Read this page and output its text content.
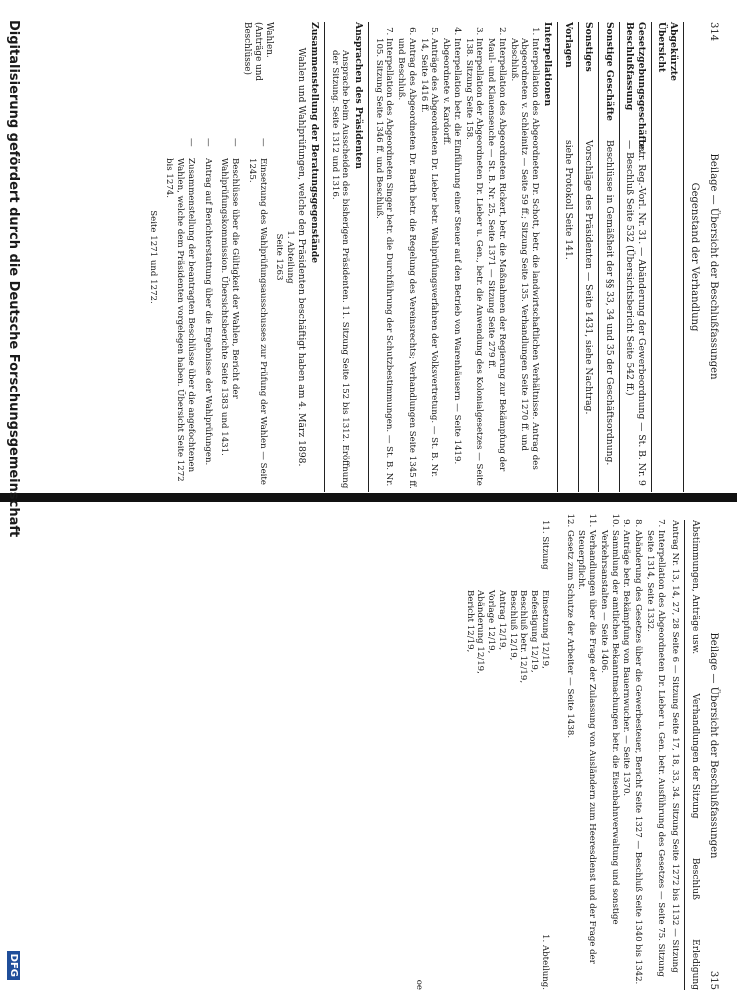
314
Beilage — Übersicht der Beschlußfassungen
Gegenstand der Verhandlung
Abgekürzte Übersicht
Gesetzgebungsgeschäfte. Beschlußfassung
betr. Reg.-Vorl. Nr. 31. — Abänderung der Gewerbeordnung — St. B. Nr. 9 — Beschluß Seite 532 (Übersichtsbericht Seite 542 ff.)
Sonstige Geschäfte
Beschlüsse in Gemäßheit der §§ 33, 34 und 35 der Geschäftsordnung.
Sonstiges
Vorschläge des Präsidenten — Seite 1431, siehe Nachtrag.
Vorlagen
siehe Protokoll Seite 141.
Interpellationen
1. Interpellation des Abgeordneten Dr. Schott, betr. die landwirtschaftlichen Verhältnisse. Antrag des Abgeordneten v. Schleinitz — Seite 59 ff.; Sitzung Seite 135. Verhandlungen Seite 1270 ff. und Abschluß.
2. Interpellation des Abgeordneten Rickert, betr. die Maßnahmen der Regierung zur Bekämpfung der Maul- und Klauenseuche — St. B. Nr. 25, Seite 1371 — Sitzung Seite 279 ff.
3. Interpellation der Abgeordneten Dr. Lieber u. Gen., betr. die Anwendung des Kolonialgesetzes — Seite 138. Sitzung Seite 158.
4. Interpellation betr. die Einführung einer Steuer auf den Betrieb von Warenhäusern — Seite 1419. Abgeordnete v. Kardorff.
5. Anträge des Abgeordneten Dr. Lieber betr. Wahlprüfungsverfahren der Volksvertretung. — St. B. Nr. 14, Seite 1416 ff.
6. Antrag des Abgeordneten Dr. Barth betr. die Regelung des Vereinsrechts; Verhandlungen Seite 1345 ff. und Beschluß.
7. Interpellation des Abgeordneten Singer betr. die Durchführung der Schutzbestimmungen. — St. B. Nr. 105. Sitzung Seite 1346 ff. und Beschluß.
Ansprachen des Präsidenten
Ansprache beim Ausscheiden des bisherigen Präsidenten. 11. Sitzung Seite 152 bis 1312. Eröffnung der Sitzung. Seite 1312 und 1316.
Zusammenstellung der Beratungsgegenstände
Wahlen und Wahlprüfungen, welche den Präsidenten beschäftigt haben am 4. März 1898.
1. Abteilung
Seite 1263
Wahlen. (Anträge und Beschlüsse)
— Einsetzung des Wahlprüfungsausschusses zur Prüfung der Wahlen — Seite 1245.
— Beschlüsse über die Gültigkeit der Wahlen, Bericht der Wahlprüfungskommission. Übersichtsberichte Seite 1383 und 1431.
— Antrag auf Berichterstattung über die Ergebnisse der Wahlprüfungen.
— Zusammenstellung der beantragten Beschlüsse über die angefochtenen Wahlen, welche dem Präsidenten vorgelegen haben. Übersicht Seite 1272 bis 1274.
Seite 1271 und 1272.
Beilage — Übersicht der Beschlußfassungen
315
Abstimmungen, Anträge usw.
Verhandlungen der Sitzung
Beschluß
Erledigung
Antrag Nr. 13, 14, 27, 28 Seite 6 — Sitzung Seite 17, 18, 33, 34. Sitzung Seite 1272 bis 1132 — Sitzung
7. Interpellation des Abgeordneten Dr. Lieber u. Gen. betr. Ausführung des Gesetzes — Seite 75. Sitzung Seite 1314, Seite 1332.
8. Abänderung des Gesetzes über die Gewerbesteuer, Bericht Seite 1327 — Beschluß Seite 1340 bis 1342.
9. Anträge betr. Bekämpfung von Bauernwucher. — Seite 1370.
10. Sammlung der amtlichen Bekanntmachungen betr. die Eisenbahnverwaltung und sonstige Verkehrsanstalten — Seite 1406.
11. Verhandlungen über die Frage der Zulassung von Ausländern zum Heeresdienst und der Frage der Steuerpflicht.
12. Gesetz zum Schutze der Arbeiter — Seite 1438.
11. Sitzung
Einsetzung 12/19,
Befestigung 12/19,
Beschluß betr. 12/19,
Beschluß 12/19,
Antrag 12/19,
Vorlage 12/19,
Abänderung 12/19,
Bericht 12/19,
1. Abteilung.
oe
Digitalisierung gefördert durch die Deutsche Forschungsgemeinschaft
DFG
